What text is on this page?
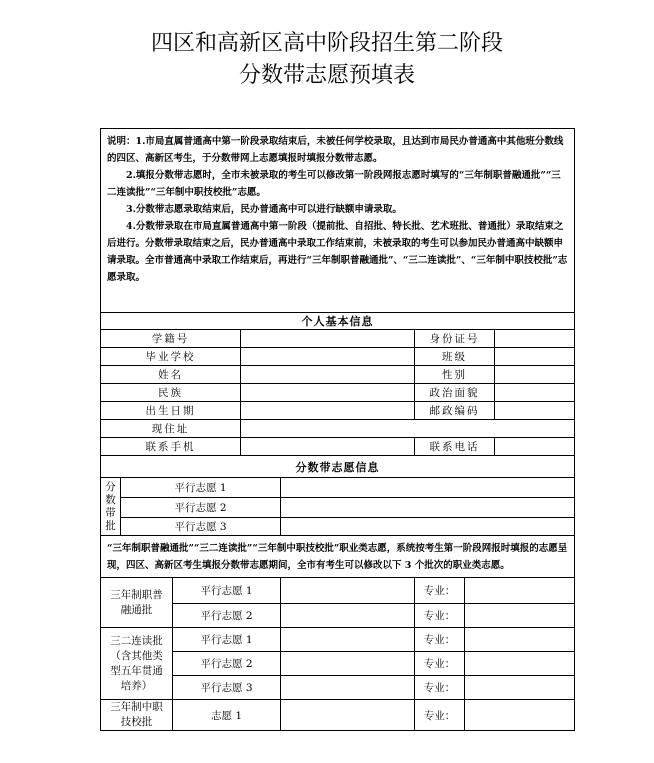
四区和高新区高中阶段招生第二阶段
分数带志愿预填表

说明：1.市局直属普通高中第一阶段录取结束后，未被任何学校录取，且达到市局民办普通高中其他班分数线的四区、高新区考生，于分数带网上志愿填报时填报分数带志愿。

2.填报分数带志愿时，全市未被录取的考生可以修改第一阶段网报志愿时填写的“三年制职普融通批”“三二连读批”“三年制中职技校批”志愿。

3.分数带志愿录取结束后，民办普通高中可以进行缺额申请录取。

4.分数带录取在市局直属普通高中第一阶段（提前批、自招批、特长批、艺术班批、普通批）录取结束之后进行。分数带录取结束之后，民办普通高中录取工作结束前，未被录取的考生可以参加民办普通高中缺额申请录取。全市普通高中录取工作结束后，再进行“三年制职普融通批”、“三二连读批”、“三年制中职技校批”志愿录取。							

个人基本信息							
学籍号					身份证号		
毕业学校					班级		
姓名					性别		
民族					政治面貌		
出生日期					邮政编码		
现住址							
联系手机					联系电话		
分数带志愿信息							

分
数
带
批	平行志愿 1						
	平行志愿 2						
	平行志愿 3						
“三年制职普融通批”“三二连读批”“三年制中职技校批”职业类志愿，系统按考生第一阶段网报时填报的志愿呈现，四区、高新区考生填报分数带志愿期间，全市有考生可以修改以下 3 个批次的职业类志愿。							

三年制职普
融通批		平行志愿 1			专业：		
		平行志愿 2			专业：		

三二连读批
（含其他类
型五年贯通
培养）		平行志愿 1			专业：		
		平行志愿 2			专业：		
		平行志愿 3			专业：		

三年制中职
技校批		志愿 1			专业：		
